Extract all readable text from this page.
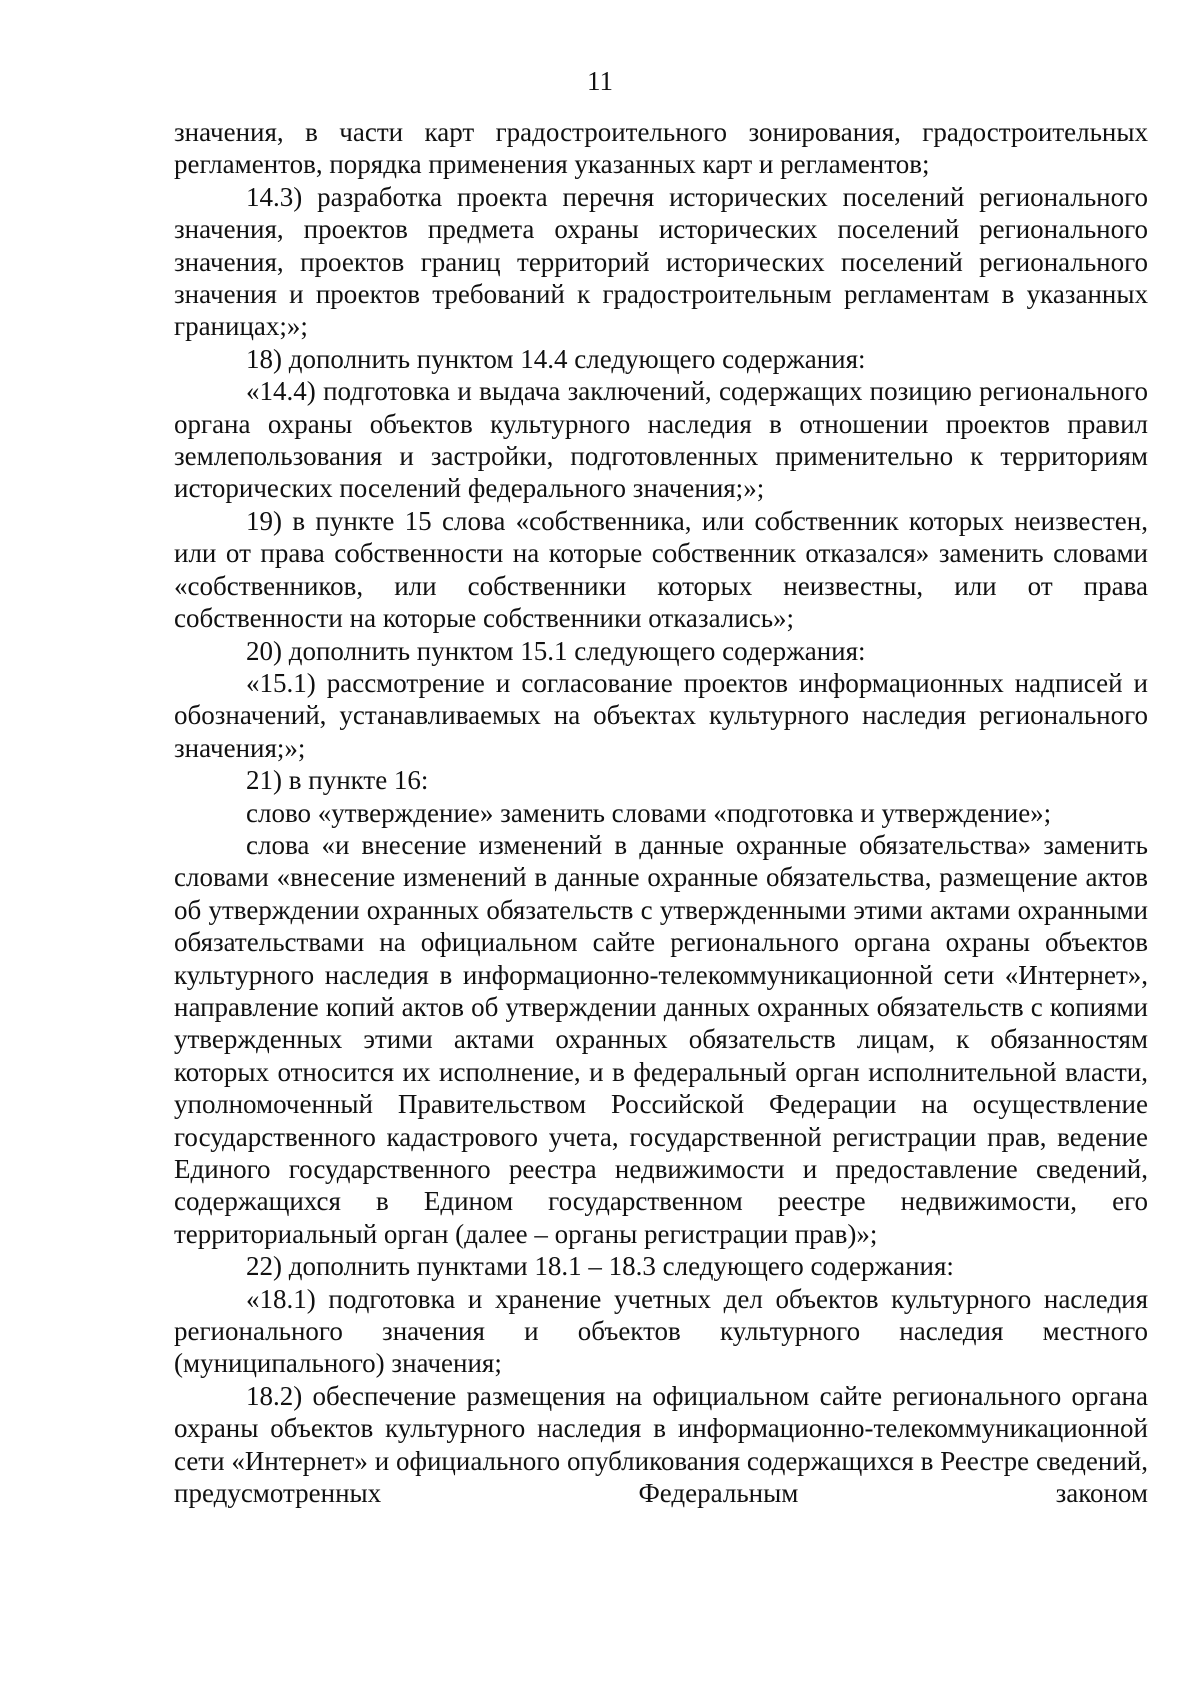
11

значения, в части карт градостроительного зонирования, градостроительных регламентов, порядка применения указанных карт и регламентов;

14.3) разработка проекта перечня исторических поселений регионального значения, проектов предмета охраны исторических поселений регионального значения, проектов границ территорий исторических поселений регионального значения и проектов требований к градостроительным регламентам в указанных границах;»;

18) дополнить пунктом 14.4 следующего содержания:

«14.4) подготовка и выдача заключений, содержащих позицию регионального органа охраны объектов культурного наследия в отношении проектов правил землепользования и застройки, подготовленных применительно к территориям исторических поселений федерального значения;»;

19) в пункте 15 слова «собственника, или собственник которых неизвестен, или от права собственности на которые собственник отказался» заменить словами «собственников, или собственники которых неизвестны, или от права собственности на которые собственники отказались»;

20) дополнить пунктом 15.1 следующего содержания:

«15.1) рассмотрение и согласование проектов информационных надписей и обозначений, устанавливаемых на объектах культурного наследия регионального значения;»;

21) в пункте 16:

слово «утверждение» заменить словами «подготовка и утверждение»;

слова «и внесение изменений в данные охранные обязательства» заменить словами «внесение изменений в данные охранные обязательства, размещение актов об утверждении охранных обязательств с утвержденными этими актами охранными обязательствами на официальном сайте регионального органа охраны объектов культурного наследия в информационно-телекоммуникационной сети «Интернет», направление копий актов об утверждении данных охранных обязательств с копиями утвержденных этими актами охранных обязательств лицам, к обязанностям которых относится их исполнение, и в федеральный орган исполнительной власти, уполномоченный Правительством Российской Федерации на осуществление государственного кадастрового учета, государственной регистрации прав, ведение Единого государственного реестра недвижимости и предоставление сведений, содержащихся в Едином государственном реестре недвижимости, его территориальный орган (далее – органы регистрации прав)»;

22) дополнить пунктами 18.1 – 18.3 следующего содержания:

«18.1) подготовка и хранение учетных дел объектов культурного наследия регионального значения и объектов культурного наследия местного (муниципального) значения;

18.2) обеспечение размещения на официальном сайте регионального органа охраны объектов культурного наследия в информационно-телекоммуникационной сети «Интернет» и официального опубликования содержащихся в Реестре сведений, предусмотренных Федеральным законом
